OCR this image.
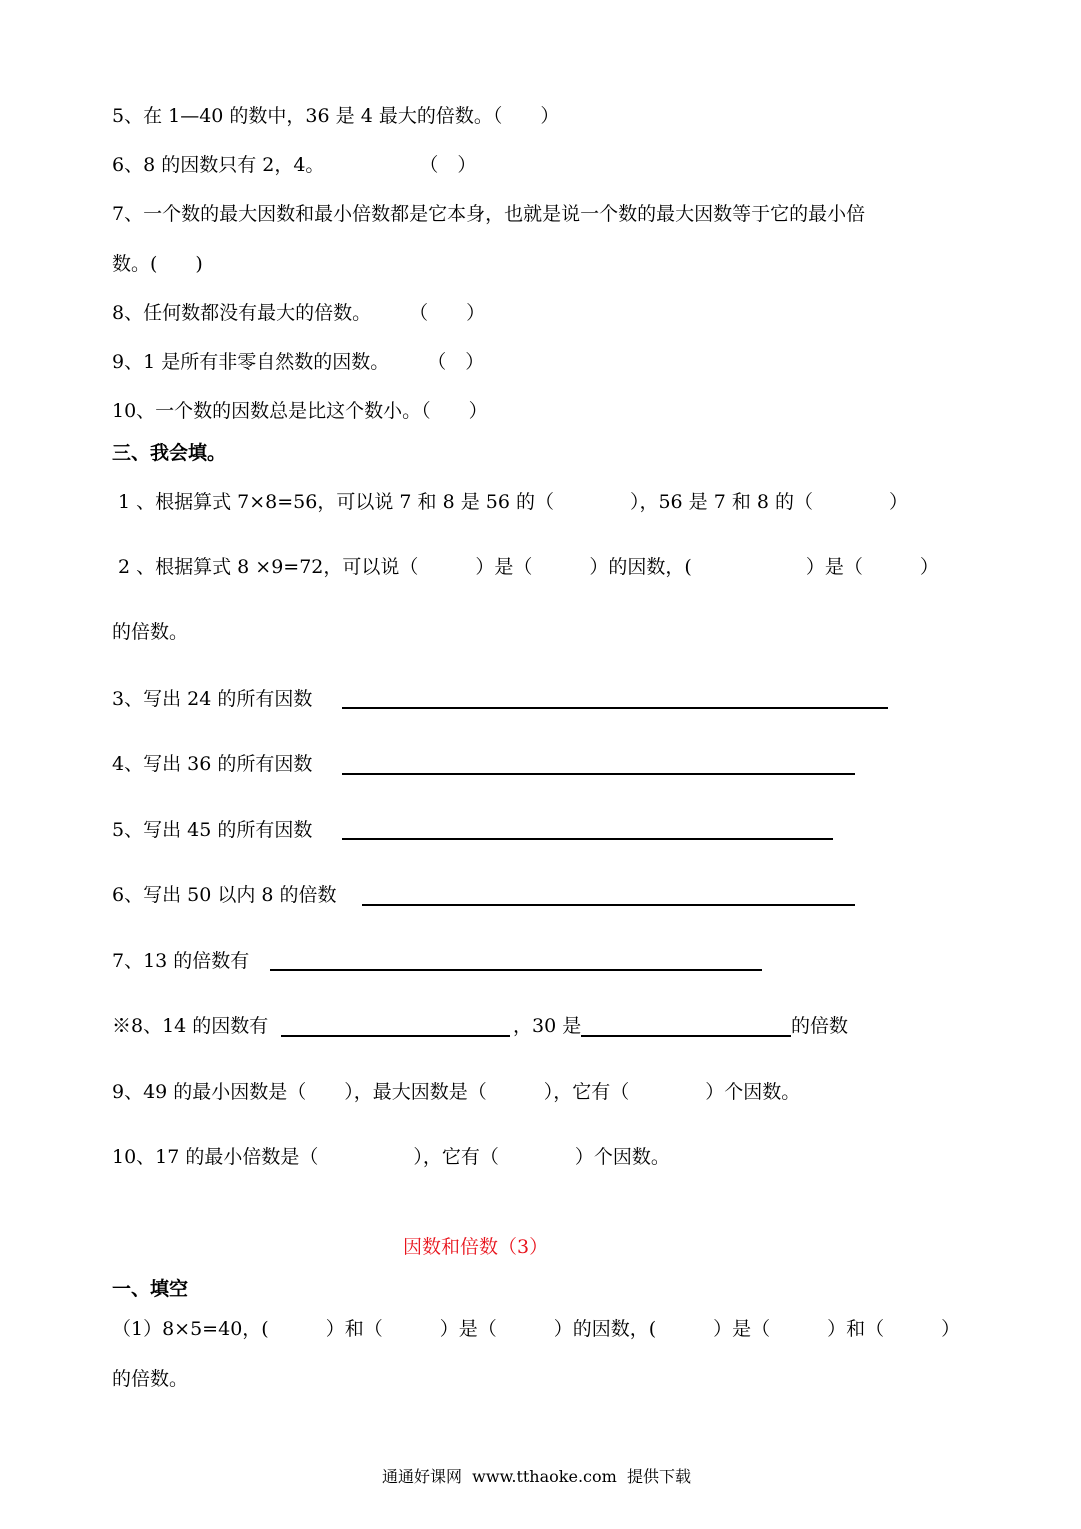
5、在 1—40 的数中，36 是 4 最大的倍数。（　　）
6、8 的因数只有 2，4。　　　　　　（　）
7、一个数的最大因数和最小倍数都是它本身，也就是说一个数的最大因数等于它的最小倍
数。(　　)
8、任何数都没有最大的倍数。　　　（　　）
9、1 是所有非零自然数的因数。　　　（　）
10、一个数的因数总是比这个数小。（　　）
三、我会填。
1 、根据算式 7×8=56，可以说 7 和 8 是 56 的（　　　　），56 是 7 和 8 的（　　　　）
2 、根据算式 8 ×9=72，可以说（　　　）是（　　　）的因数，(　　　　　　）是（　　　）
的倍数。
3、写出 24 的所有因数
4、写出 36 的所有因数
5、写出 45 的所有因数
6、写出 50 以内 8 的倍数
7、13 的倍数有
※8、14 的因数有	，30 是	的倍数
9、49 的最小因数是（　　），最大因数是（　　　），它有（　　　　）个因数。
10、17 的最小倍数是（　　　　　），它有（　　　　）个因数。
因数和倍数（3）
一、填空
（1）8×5=40，(　　　）和（　　　）是（　　　）的因数，(　　　）是（　　　）和（　　　）
的倍数。
通通好课网  www.tthaoke.com  提供下载
